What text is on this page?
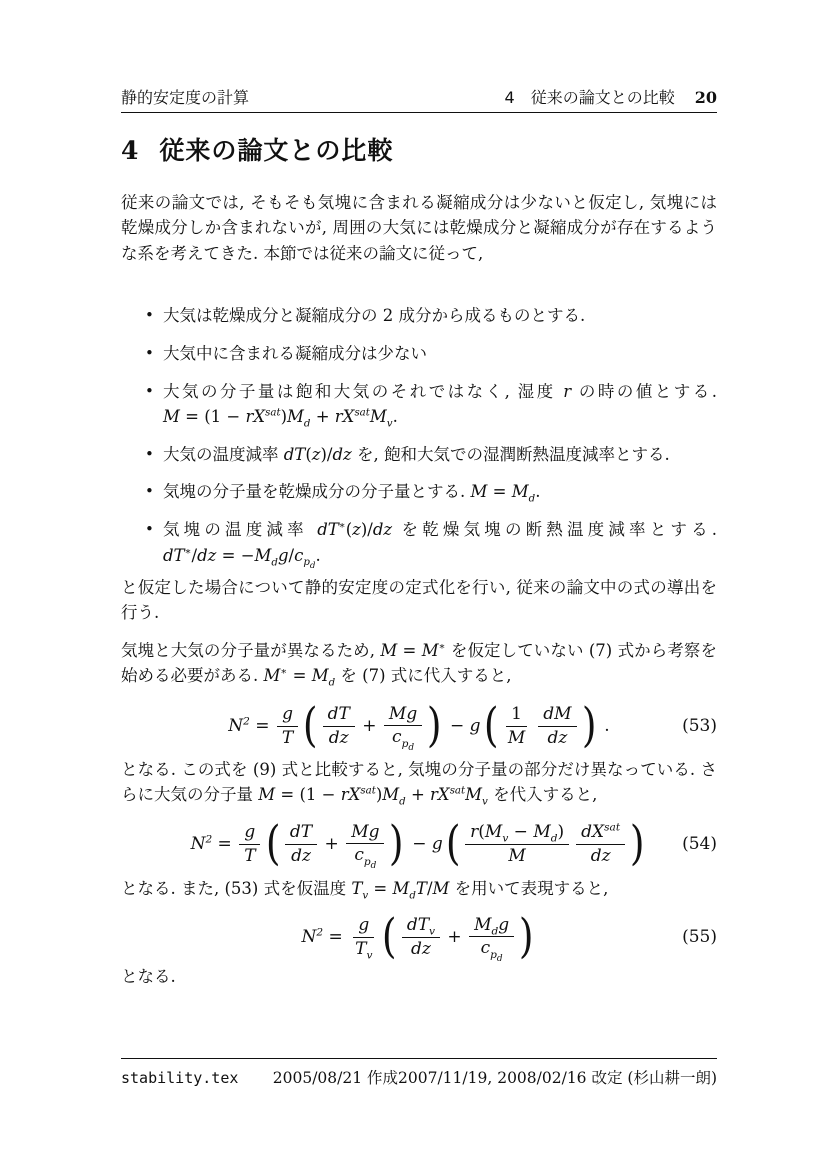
静的安定度の計算	4　従来の論文との比較 20
4 従来の論文との比較

従来の論文では, そもそも気塊に含まれる凝縮成分は少ないと仮定し, 気塊には乾燥成分しか含まれないが, 周囲の大気には乾燥成分と凝縮成分が存在するような系を考えてきた. 本節では従来の論文に従って,

• 大気は乾燥成分と凝縮成分の 2 成分から成るものとする.
• 大気中に含まれる凝縮成分は少ない
• 大気の分子量は飽和大気のそれではなく, 湿度 r の時の値とする. $M = (1 - rX^{sat})M_d + rX^{sat}M_v$.
• 大気の温度減率 dT(z)/dz を, 飽和大気での湿潤断熱温度減率とする.
• 気塊の分子量を乾燥成分の分子量とする. $M = M_d$.
• 気塊の温度減率 dT∗(z)/dz を乾燥気塊の断熱温度減率とする. $dT^∗/dz = -M_dg/c_{p_d}$.

と仮定した場合について静的安定度の定式化を行い, 従来の論文中の式の導出を行う.

気塊と大気の分子量が異なるため, M = M∗ を仮定していない (7) 式から考察を始める必要がある. $M^∗ = M_d$ を (7) 式に代入すると,

$N^2 = \frac{g}{T}$ ( $\frac{dT}{dz} + \frac{Mg}{c_{p_d}}$ ) − g ( $\frac{1}{M} \frac{dM}{dz}$ ) .	(53)

となる. この式を (9) 式と比較すると, 気塊の分子量の部分だけ異なっている. さらに大気の分子量 $M = (1 - rX^{sat})M_d + rX^{sat}M_v$ を代入すると,

$N^2 = \frac{g}{T}$ ( $\frac{dT}{dz} + \frac{Mg}{c_{p_d}}$ ) − g ( $\frac{r(M_v - M_d)}{M} \frac{dX^{sat}}{dz}$ ) (54)

となる. また, (53) 式を仮温度 $T_v = M_dT/M$ を用いて表現すると,

$N^2 = \frac{g}{T_v}$ ( $\frac{dT_v}{dz} + \frac{M_dg}{c_{p_d}}$ )	(55)

となる.

stability.tex 2005/08/21 作成2007/11/19, 2008/02/16 改定 (杉山耕一朗)
